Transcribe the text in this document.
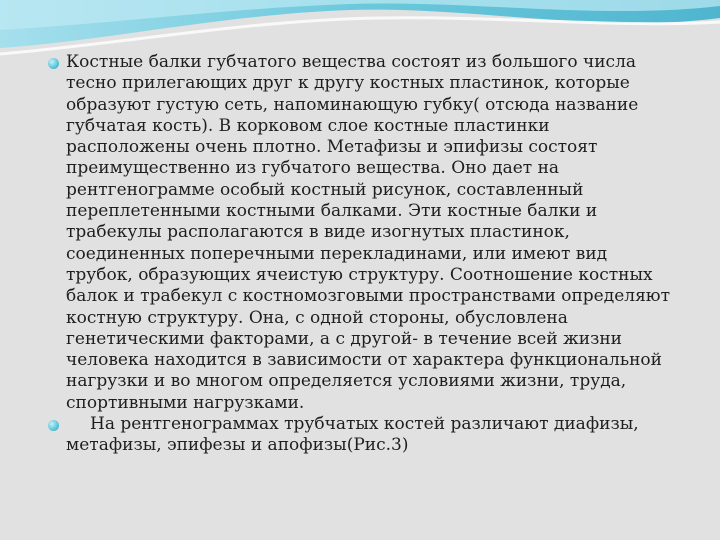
Костные балки губчатого вещества состоят из большого числа тесно прилегающих друг к другу костных пластинок, которые образуют густую сеть, напоминающую губку( отсюда название губчатая кость). В корковом слое костные пластинки расположены очень плотно. Метафизы и эпифизы состоят преимущественно из губчатого вещества. Оно дает на рентгенограмме особый костный рисунок, составленный переплетенными костными балками. Эти костные балки и трабекулы располагаются в виде изогнутых пластинок, соединенных поперечными перекладинами, или имеют вид трубок, образующих ячеистую структуру. Соотношение костных балок и трабекул с костномозговыми пространствами определяют костную структуру. Она, с одной стороны, обусловлена генетическими факторами, а с другой- в течение всей жизни человека находится в зависимости от характера функциональной нагрузки и во многом определяется условиями жизни, труда, спортивными нагрузками.

На рентгенограммах трубчатых костей различают диафизы, метафизы, эпифезы и апофизы(Рис.3)
